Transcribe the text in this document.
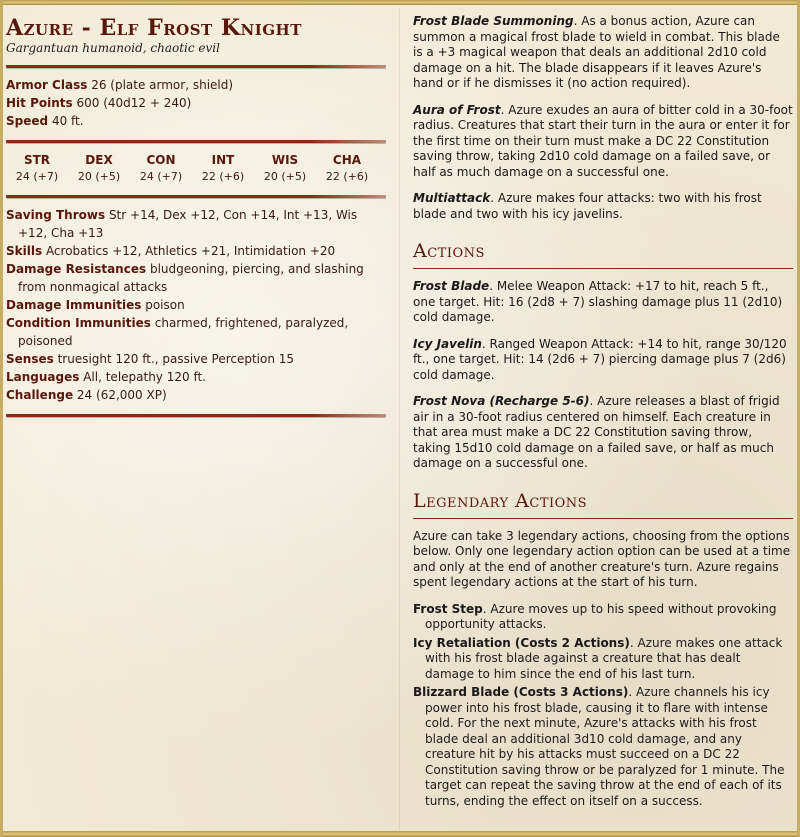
Azure - Elf Frost Knight
Gargantuan humanoid, chaotic evil
Armor Class 26 (plate armor, shield)
Hit Points 600 (40d12 + 240)
Speed 40 ft.
STR
24 (+7)
DEX
20 (+5)
CON
24 (+7)
INT
22 (+6)
WIS
20 (+5)
CHA
22 (+6)
Saving Throws Str +14, Dex +12, Con +14, Int +13, Wis +12, Cha +13
Skills Acrobatics +12, Athletics +21, Intimidation +20
Damage Resistances bludgeoning, piercing, and slashing from nonmagical attacks
Damage Immunities poison
Condition Immunities charmed, frightened, paralyzed, poisoned
Senses truesight 120 ft., passive Perception 15
Languages All, telepathy 120 ft.
Challenge 24 (62,000 XP)

Frost Blade Summoning. As a bonus action, Azure can summon a magical frost blade to wield in combat. This blade is a +3 magical weapon that deals an additional 2d10 cold damage on a hit. The blade disappears if it leaves Azure's hand or if he dismisses it (no action required).

Aura of Frost. Azure exudes an aura of bitter cold in a 30-foot radius. Creatures that start their turn in the aura or enter it for the first time on their turn must make a DC 22 Constitution saving throw, taking 2d10 cold damage on a failed save, or half as much damage on a successful one.

Multiattack. Azure makes four attacks: two with his frost blade and two with his icy javelins.

Actions

Frost Blade. Melee Weapon Attack: +17 to hit, reach 5 ft., one target. Hit: 16 (2d8 + 7) slashing damage plus 11 (2d10) cold damage.

Icy Javelin. Ranged Weapon Attack: +14 to hit, range 30/120 ft., one target. Hit: 14 (2d6 + 7) piercing damage plus 7 (2d6) cold damage.

Frost Nova (Recharge 5-6). Azure releases a blast of frigid air in a 30-foot radius centered on himself. Each creature in that area must make a DC 22 Constitution saving throw, taking 15d10 cold damage on a failed save, or half as much damage on a successful one.

Legendary Actions

Azure can take 3 legendary actions, choosing from the options below. Only one legendary action option can be used at a time and only at the end of another creature's turn. Azure regains spent legendary actions at the start of his turn.

Frost Step. Azure moves up to his speed without provoking opportunity attacks.
Icy Retaliation (Costs 2 Actions). Azure makes one attack with his frost blade against a creature that has dealt damage to him since the end of his last turn.
Blizzard Blade (Costs 3 Actions). Azure channels his icy power into his frost blade, causing it to flare with intense cold. For the next minute, Azure's attacks with his frost blade deal an additional 3d10 cold damage, and any creature hit by his attacks must succeed on a DC 22 Constitution saving throw or be paralyzed for 1 minute. The target can repeat the saving throw at the end of each of its turns, ending the effect on itself on a success.
